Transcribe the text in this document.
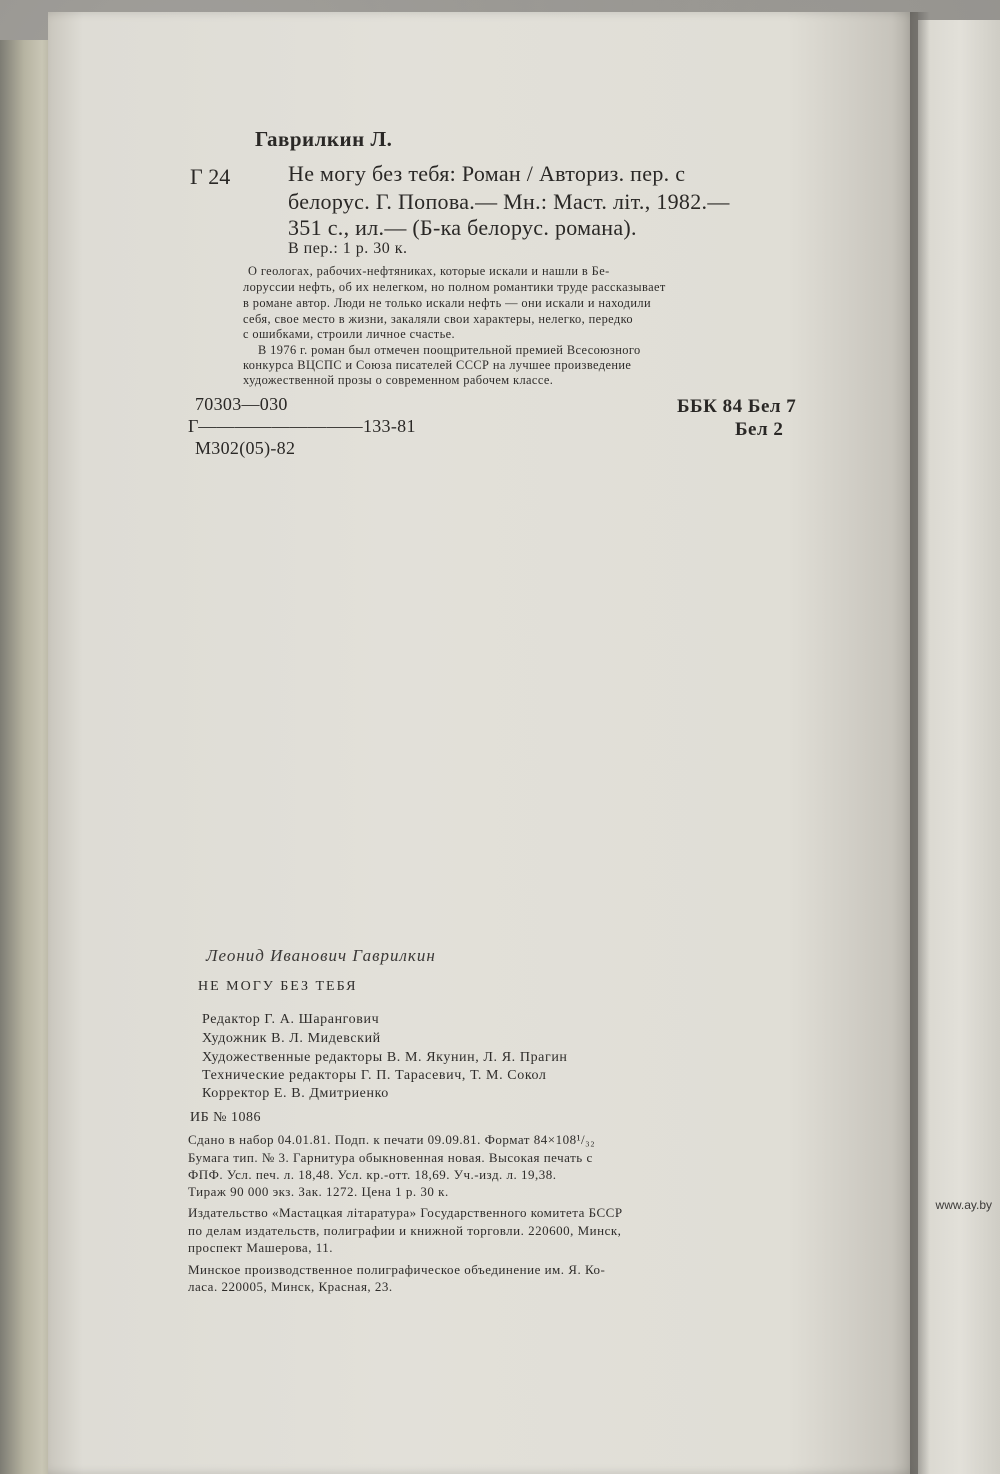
Гаврилкин Л.
Г 24	Не могу без тебя: Роман / Авториз. пер. с
белорус. Г. Попова.— Мн.: Маст. літ., 1982.—
351 с., ил.— (Б-ка белорус. романа).
В пер.: 1 р. 30 к.
О геологах, рабочих-нефтяниках, которые искали и нашли в Бе-
лоруссии нефть, об их нелегком, но полном романтики труде рассказывает
в романе автор. Люди не только искали нефть — они искали и находили
себя, свое место в жизни, закаляли свои характеры, нелегко, передко
с ошибками, строили личное счастье.
В 1976 г. роман был отмечен поощрительной премией Всесоюзного
конкурса ВЦСПС и Союза писателей СССР на лучшее произведение
художественной прозы о современном рабочем классе.
70303—030
Г—————————133-81
М302(05)-82
ББК 84 Бел 7
Бел 2
Леонид Иванович Гаврилкин
НЕ МОГУ БЕЗ ТЕБЯ
Редактор Г. А. Шарангович
Художник В. Л. Мидевский
Художественные редакторы В. М. Якунин, Л. Я. Прагин
Технические редакторы Г. П. Тарасевич, Т. М. Сокол
Корректор Е. В. Дмитриенко
ИБ № 1086
Сдано в набор 04.01.81. Подп. к печати 09.09.81. Формат 84×108¹/₃₂
Бумага тип. № 3. Гарнитура обыкновенная новая. Высокая печать с
ФПФ. Усл. печ. л. 18,48. Усл. кр.-отт. 18,69. Уч.-изд. л. 19,38.
Тираж 90 000 экз. Зак. 1272. Цена 1 р. 30 к.
Издательство «Мастацкая літаратура» Государственного комитета БССР
по делам издательств, полиграфии и книжной торговли. 220600, Минск,
проспект Машерова, 11.
Минское производственное полиграфическое объединение им. Я. Ко-
ласа. 220005, Минск, Красная, 23.
www.ay.by
